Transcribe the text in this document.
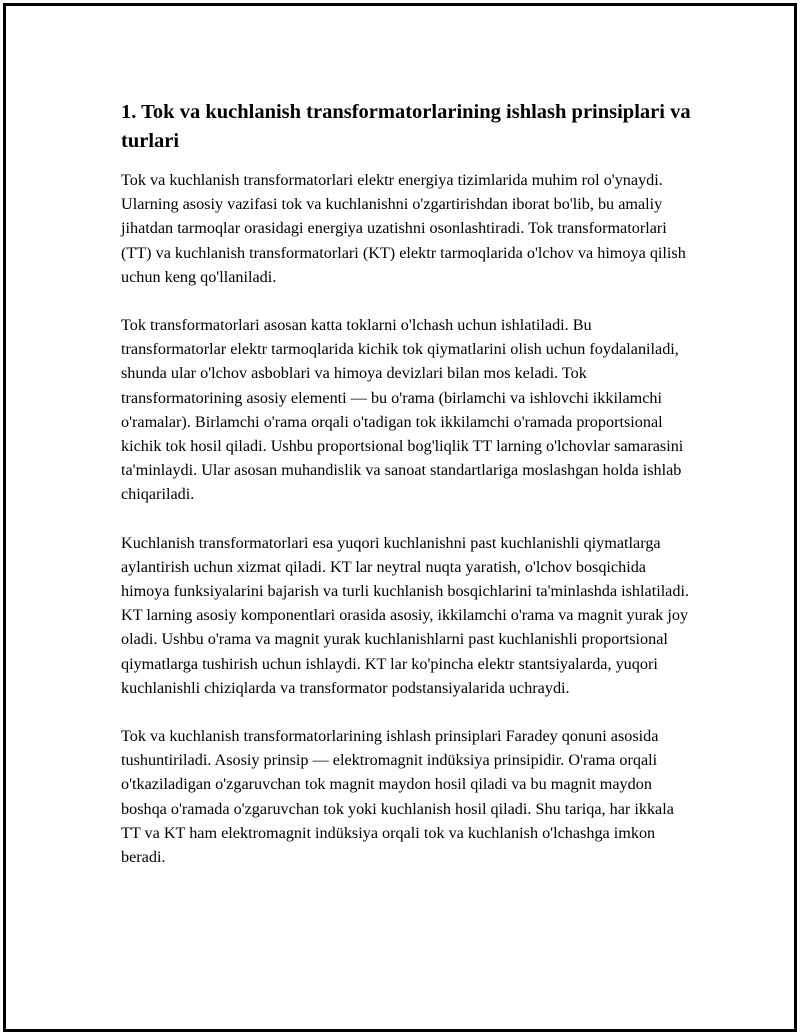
1. Tok va kuchlanish transformatorlarining ishlash prinsiplari va turlari

Tok va kuchlanish transformatorlari elektr energiya tizimlarida muhim rol o'ynaydi. Ularning asosiy vazifasi tok va kuchlanishni o'zgartirishdan iborat bo'lib, bu amaliy jihatdan tarmoqlar orasidagi energiya uzatishni osonlashtiradi. Tok transformatorlari (TT) va kuchlanish transformatorlari (KT) elektr tarmoqlarida o'lchov va himoya qilish uchun keng qo'llaniladi.

Tok transformatorlari asosan katta toklarni o'lchash uchun ishlatiladi. Bu transformatorlar elektr tarmoqlarida kichik tok qiymatlarini olish uchun foydalaniladi, shunda ular o'lchov asboblari va himoya devizlari bilan mos keladi. Tok transformatorining asosiy elementi — bu o'rama (birlamchi va ishlovchi ikkilamchi o'ramalar). Birlamchi o'rama orqali o'tadigan tok ikkilamchi o'ramada proportsional kichik tok hosil qiladi. Ushbu proportsional bog'liqlik TT larning o'lchovlar samarasini ta'minlaydi. Ular asosan muhandislik va sanoat standartlariga moslashgan holda ishlab chiqariladi.

Kuchlanish transformatorlari esa yuqori kuchlanishni past kuchlanishli qiymatlarga aylantirish uchun xizmat qiladi. KT lar neytral nuqta yaratish, o'lchov bosqichida himoya funksiyalarini bajarish va turli kuchlanish bosqichlarini ta'minlashda ishlatiladi. KT larning asosiy komponentlari orasida asosiy, ikkilamchi o'rama va magnit yurak joy oladi. Ushbu o'rama va magnit yurak kuchlanishlarni past kuchlanishli proportsional qiymatlarga tushirish uchun ishlaydi. KT lar ko'pincha elektr stantsiyalarda, yuqori kuchlanishli chiziqlarda va transformator podstansiyalarida uchraydi.

Tok va kuchlanish transformatorlarining ishlash prinsiplari Faradey qonuni asosida tushuntiriladi. Asosiy prinsip — elektromagnit indüksiya prinsipidir. O'rama orqali o'tkaziladigan o'zgaruvchan tok magnit maydon hosil qiladi va bu magnit maydon boshqa o'ramada o'zgaruvchan tok yoki kuchlanish hosil qiladi. Shu tariqa, har ikkala TT va KT ham elektromagnit indüksiya orqali tok va kuchlanish o'lchashga imkon beradi.
